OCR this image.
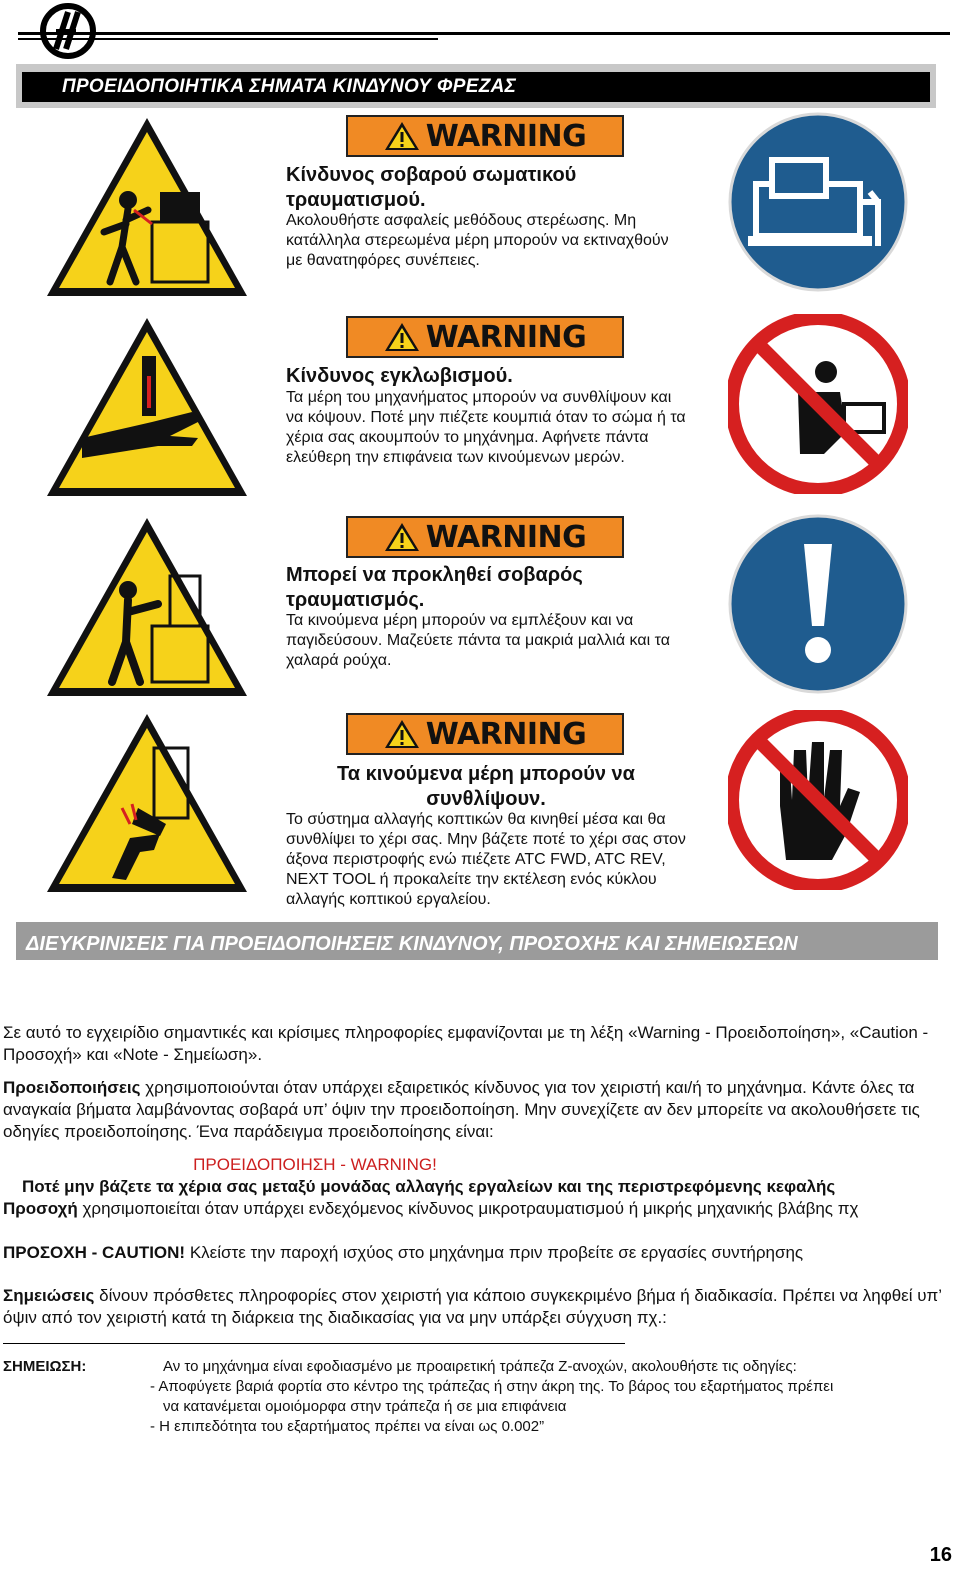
ΠΡΟΕΙΔΟΠΟΙΗΤΙΚΑ ΣΗΜΑΤΑ ΚΙΝΔΥΝΟΥ ΦΡΕΖΑΣ
WARNING
Κίνδυνος σοβαρού σωματικού τραυματισμού.
Ακολουθήστε ασφαλείς μεθόδους στερέωσης. Μη κατάλληλα στερεωμένα μέρη μπορούν να εκτιναχθούν με θανατηφόρες συνέπειες.
WARNING
Κίνδυνος εγκλωβισμού.
Τα μέρη του μηχανήματος μπορούν να συνθλίψουν και να κόψουν. Ποτέ μην πιέζετε κουμπιά όταν το σώμα ή τα χέρια σας ακουμπούν το μηχάνημα. Αφήνετε πάντα ελεύθερη την επιφάνεια των κινούμενων μερών.
WARNING
Μπορεί να προκληθεί σοβαρός τραυματισμός.
Τα κινούμενα μέρη μπορούν να εμπλέξουν και να παγιδεύσουν. Μαζεύετε πάντα τα μακριά μαλλιά και τα χαλαρά ρούχα.
WARNING
Τα κινούμενα μέρη μπορούν να συνθλίψουν.
Το σύστημα αλλαγής κοπτικών θα κινηθεί μέσα και θα συνθλίψει το χέρι σας. Μην βάζετε ποτέ το χέρι σας στον άξονα περιστροφής ενώ πιέζετε ATC FWD, ATC REV, NEXT TOOL ή προκαλείτε την εκτέλεση ενός κύκλου αλλαγής κοπτικού εργαλείου.
ΔΙΕΥΚΡΙΝΙΣΕΙΣ ΓΙΑ ΠΡΟΕΙΔΟΠΟΙΗΣΕΙΣ ΚΙΝΔΥΝΟΥ, ΠΡΟΣΟΧΗΣ ΚΑΙ ΣΗΜΕΙΩΣΕΩΝ
Σε αυτό το εγχειρίδιο σημαντικές και κρίσιμες πληροφορίες εμφανίζονται με τη λέξη «Warning - Προειδοποίηση», «Caution - Προσοχή» και «Note - Σημείωση».
Προειδοποιήσεις χρησιμοποιούνται όταν υπάρχει εξαιρετικός κίνδυνος για τον χειριστή και/ή το μηχάνημα. Κάντε όλες τα αναγκαία βήματα λαμβάνοντας σοβαρά υπ’ όψιν την προειδοποίηση. Μην συνεχίζετε αν δεν μπορείτε να ακολουθήσετε τις οδηγίες προειδοποίησης. Ένα παράδειγμα προειδοποίησης είναι:
ΠΡΟΕΙΔΟΠΟΙΗΣΗ - WARNING!
Ποτέ μην βάζετε τα χέρια σας μεταξύ μονάδας αλλαγής εργαλείων και της περιστρεφόμενης κεφαλής
Προσοχή χρησιμοποιείται όταν υπάρχει ενδεχόμενος κίνδυνος μικροτραυματισμού ή μικρής μηχανικής βλάβης πχ
ΠΡΟΣΟΧΗ - CAUTION! Κλείστε την παροχή ισχύος στο μηχάνημα πριν προβείτε σε εργασίες συντήρησης
Σημειώσεις δίνουν πρόσθετες πληροφορίες στον χειριστή για κάποιο συγκεκριμένο βήμα ή διαδικασία. Πρέπει να ληφθεί υπ’ όψιν από τον χειριστή κατά τη διάρκεια της διαδικασίας για να μην υπάρξει σύγχυση πχ.:
ΣΗΜΕΙΩΣΗ:	Αν το μηχάνημα είναι εφοδιασμένο με προαιρετική τράπεζα Z-ανοχών, ακολουθήστε τις οδηγίες:
- Αποφύγετε βαριά φορτία στο κέντρο της τράπεζας ή στην άκρη της. Το βάρος του εξαρτήματος πρέπει
να κατανέμεται ομοιόμορφα στην τράπεζα ή σε μια επιφάνεια
- Η επιπεδότητα του εξαρτήματος πρέπει να είναι ως 0.002”
16
